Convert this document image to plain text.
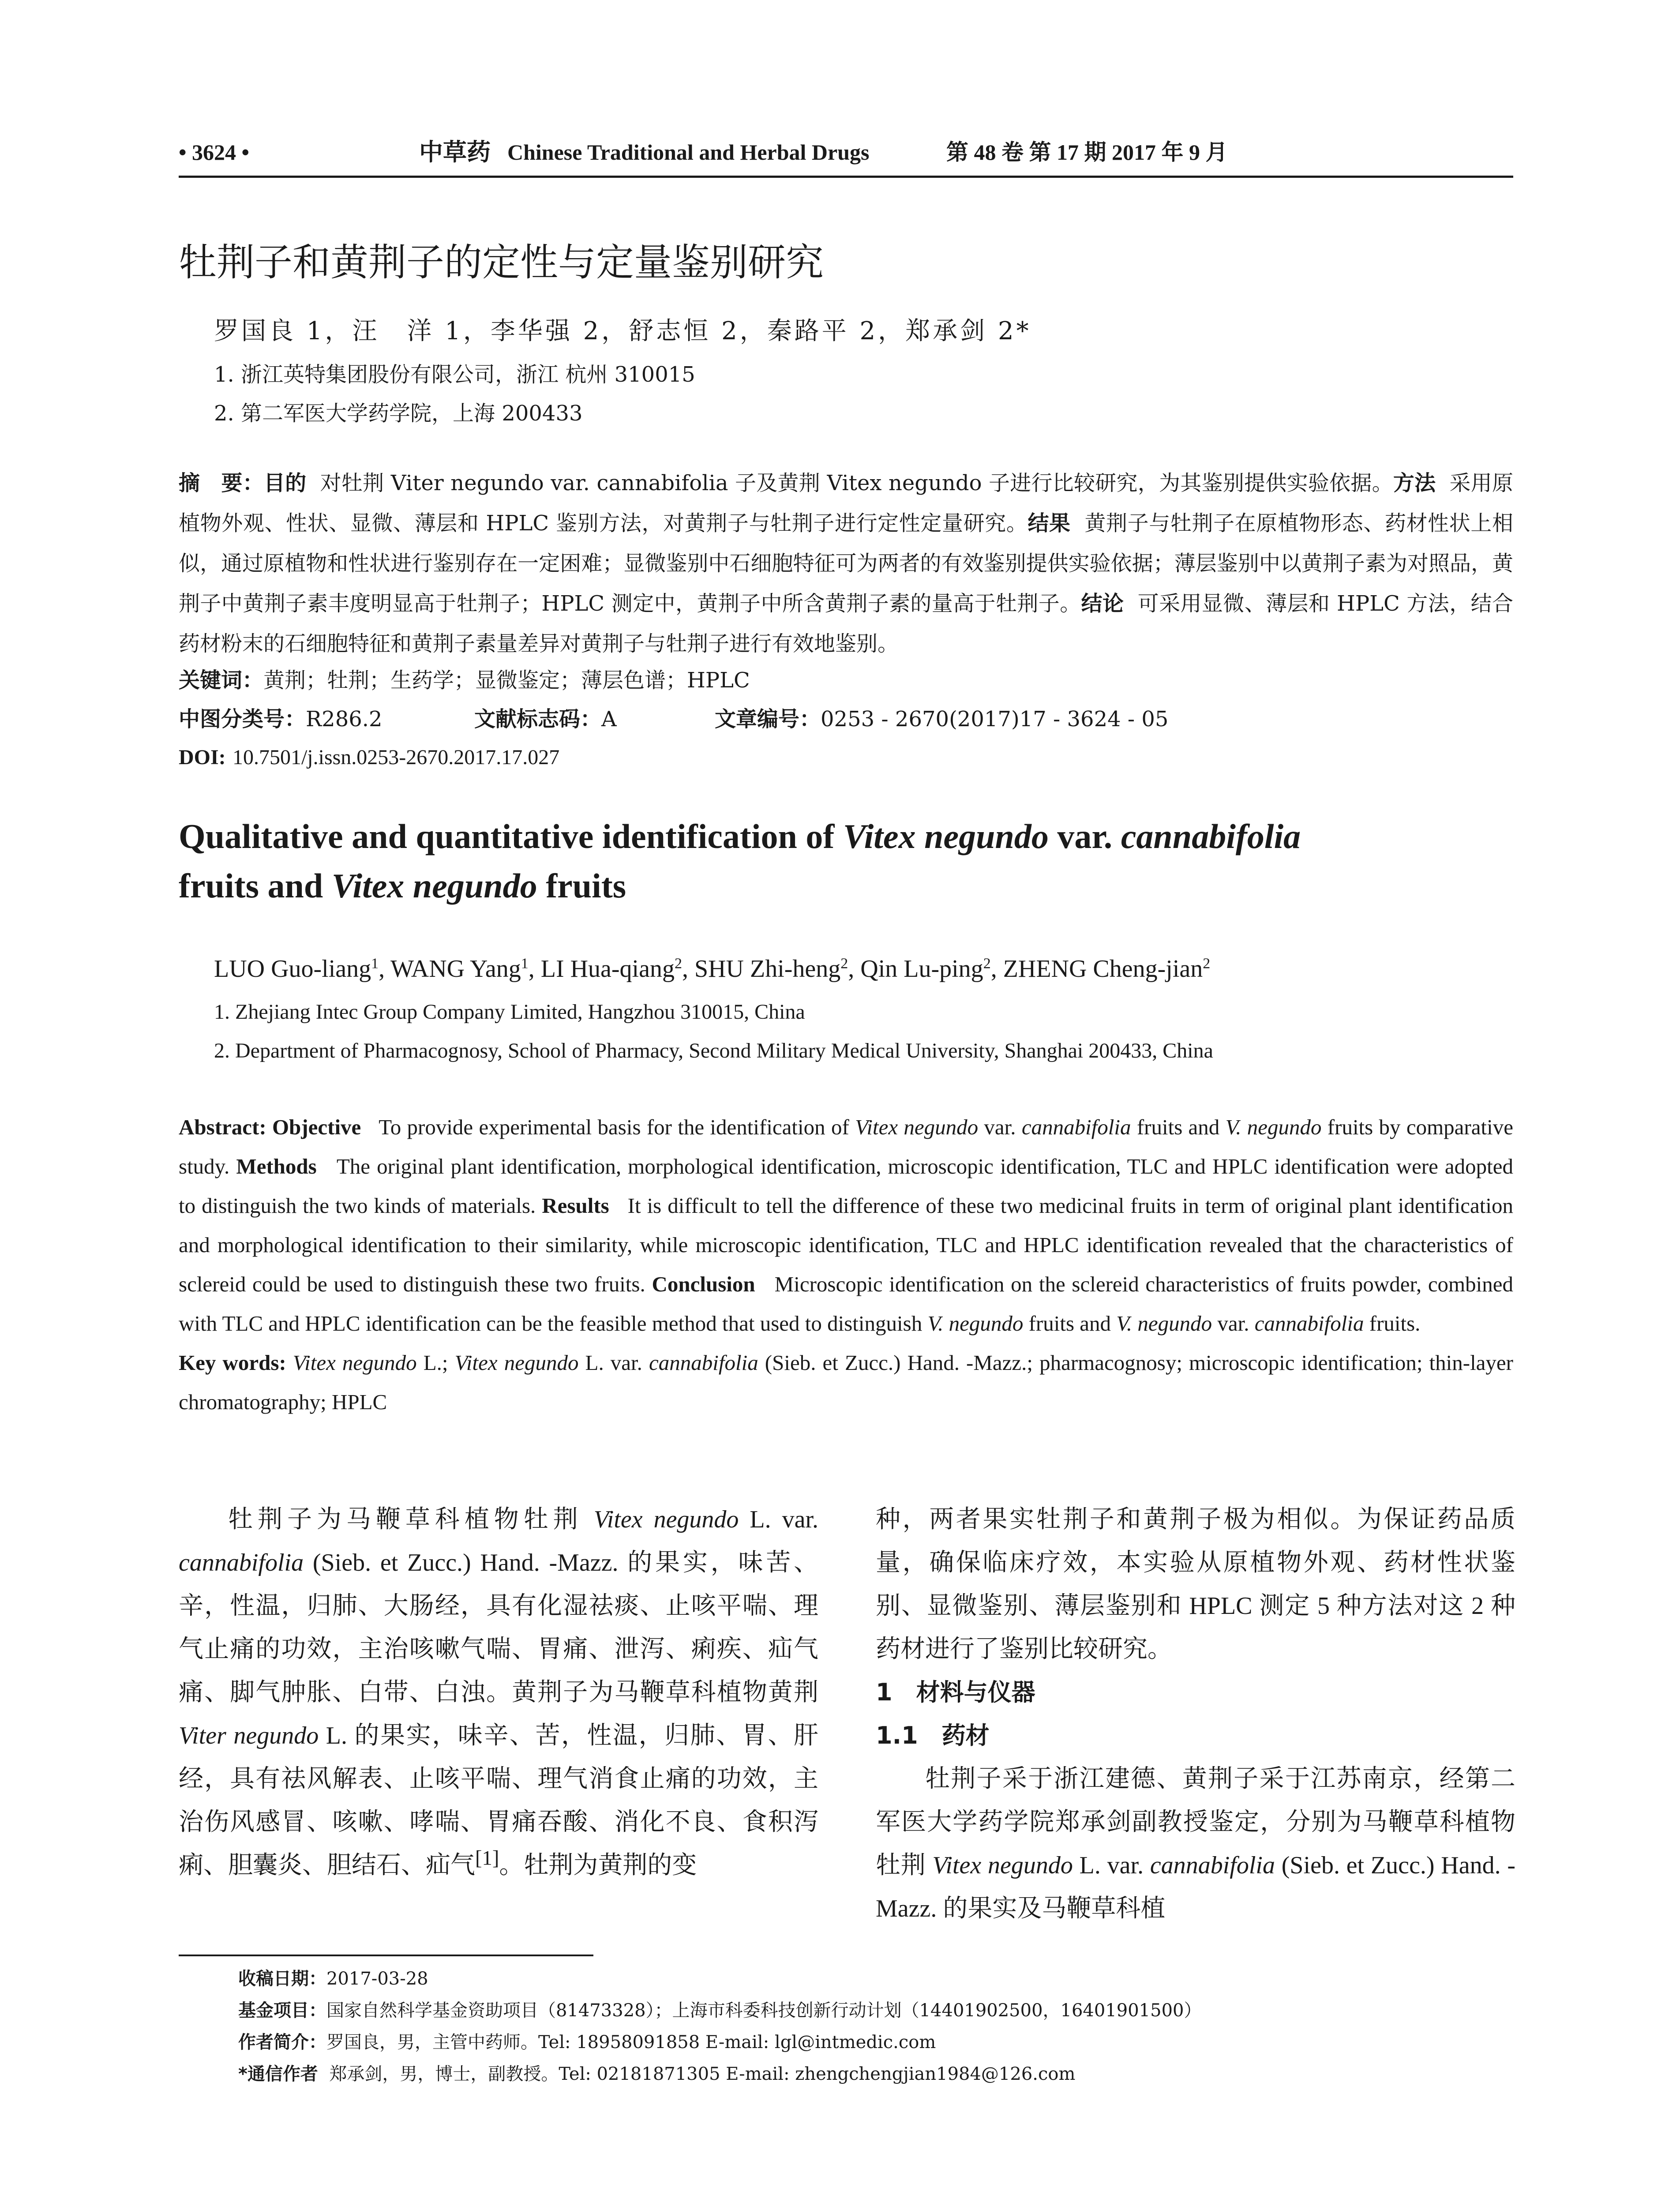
• 3624 •	中草药 Chinese Traditional and Herbal Drugs	第 48 卷 第 17 期 2017 年 9 月
牡荆子和黄荆子的定性与定量鉴别研究
罗国良 1，汪　洋 1，李华强 2，舒志恒 2，秦路平 2，郑承剑 2*
1. 浙江英特集团股份有限公司，浙江 杭州 310015
2. 第二军医大学药学院，上海 200433

摘　要：目的 对牡荆 Viter negundo var. cannabifolia 子及黄荆 Vitex negundo 子进行比较研究，为其鉴别提供实验依据。方法 采用原植物外观、性状、显微、薄层和 HPLC 鉴别方法，对黄荆子与牡荆子进行定性定量研究。结果 黄荆子与牡荆子在原植物形态、药材性状上相似，通过原植物和性状进行鉴别存在一定困难；显微鉴别中石细胞特征可为两者的有效鉴别提供实验依据；薄层鉴别中以黄荆子素为对照品，黄荆子中黄荆子素丰度明显高于牡荆子；HPLC 测定中，黄荆子中所含黄荆子素的量高于牡荆子。结论 可采用显微、薄层和 HPLC 方法，结合药材粉末的石细胞特征和黄荆子素量差异对黄荆子与牡荆子进行有效地鉴别。

关键词：黄荆；牡荆；生药学；显微鉴定；薄层色谱；HPLC
中图分类号：R286.2	文献标志码：A	文章编号：0253 - 2670(2017)17 - 3624 - 05
DOI: 10.7501/j.issn.0253-2670.2017.17.027
Qualitative and quantitative identification of Vitex negundo var. cannabifolia
fruits and Vitex negundo fruits
LUO Guo-liang$^1$, WANG Yang$^1$, LI Hua-qiang$^2$, SHU Zhi-heng$^2$, Qin Lu-ping$^2$, ZHENG Cheng-jian$^2$
1. Zhejiang Intec Group Company Limited, Hangzhou 310015, China
2. Department of Pharmacognosy, School of Pharmacy, Second Military Medical University, Shanghai 200433, China

Abstract: Objective To provide experimental basis for the identification of Vitex negundo var. cannabifolia fruits and V. negundo fruits by comparative study. Methods The original plant identification, morphological identification, microscopic identification, TLC and HPLC identification were adopted to distinguish the two kinds of materials. Results It is difficult to tell the difference of these two medicinal fruits in term of original plant identification and morphological identification to their similarity, while microscopic identification, TLC and HPLC identification revealed that the characteristics of sclereid could be used to distinguish these two fruits. Conclusion Microscopic identification on the sclereid characteristics of fruits powder, combined with TLC and HPLC identification can be the feasible method that used to distinguish V. negundo fruits and V. negundo var. cannabifolia fruits.

Key words: Vitex negundo L.; Vitex negundo L. var. cannabifolia (Sieb. et Zucc.) Hand. -Mazz.; pharmacognosy; microscopic identification; thin-layer chromatography; HPLC

牡荆子为马鞭草科植物牡荆 Vitex negundo L. var. cannabifolia (Sieb. et Zucc.) Hand. -Mazz. 的果实，味苦、辛，性温，归肺、大肠经，具有化湿祛痰、止咳平喘、理气止痛的功效，主治咳嗽气喘、胃痛、泄泻、痢疾、疝气痛、脚气肿胀、白带、白浊。黄荆子为马鞭草科植物黄荆 Viter negundo L. 的果实，味辛、苦，性温，归肺、胃、肝经，具有祛风解表、止咳平喘、理气消食止痛的功效，主治伤风感冒、咳嗽、哮喘、胃痛吞酸、消化不良、食积泻痢、胆囊炎、胆结石、疝气[1]。牡荆为黄荆的变

种，两者果实牡荆子和黄荆子极为相似。为保证药品质量，确保临床疗效，本实验从原植物外观、药材性状鉴别、显微鉴别、薄层鉴别和 HPLC 测定 5 种方法对这 2 种药材进行了鉴别比较研究。

1　材料与仪器

1.1　药材

牡荆子采于浙江建德、黄荆子采于江苏南京，经第二军医大学药学院郑承剑副教授鉴定，分别为马鞭草科植物牡荆 Vitex negundo L. var. cannabifolia (Sieb. et Zucc.) Hand. -Mazz. 的果实及马鞭草科植

收稿日期：2017-03-28
基金项目：国家自然科学基金资助项目（81473328）；上海市科委科技创新行动计划（14401902500，16401901500）
作者简介：罗国良，男，主管中药师。Tel: 18958091858 E-mail: lgl@intmedic.com
*通信作者 郑承剑，男，博士，副教授。Tel: 02181871305 E-mail: zhengchengjian1984@126.com
